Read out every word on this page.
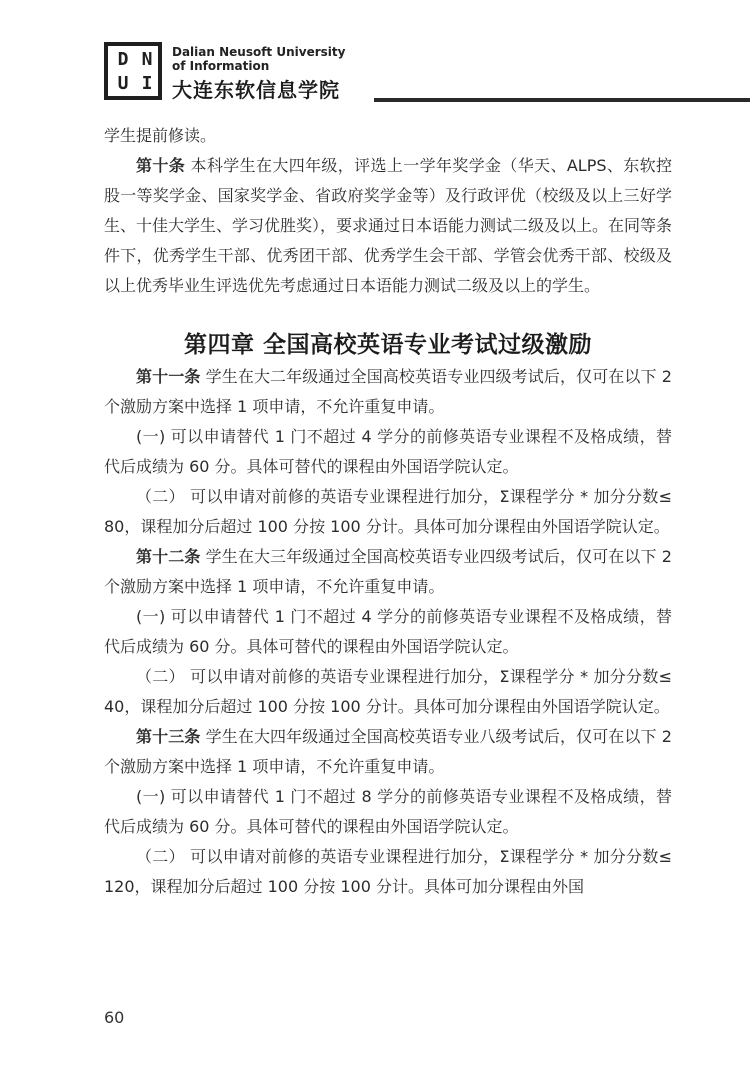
D N
U I
Dalian Neusoft University
of Information
大连东软信息学院

学生提前修读。

第十条 本科学生在大四年级，评选上一学年奖学金（华天、ALPS、东软控股一等奖学金、国家奖学金、省政府奖学金等）及行政评优（校级及以上三好学生、十佳大学生、学习优胜奖），要求通过日本语能力测试二级及以上。在同等条件下，优秀学生干部、优秀团干部、优秀学生会干部、学管会优秀干部、校级及以上优秀毕业生评选优先考虑通过日本语能力测试二级及以上的学生。

第四章 全国高校英语专业考试过级激励

第十一条 学生在大二年级通过全国高校英语专业四级考试后，仅可在以下 2 个激励方案中选择 1 项申请，不允许重复申请。

(一) 可以申请替代 1 门不超过 4 学分的前修英语专业课程不及格成绩，替代后成绩为 60 分。具体可替代的课程由外国语学院认定。

（二） 可以申请对前修的英语专业课程进行加分，Σ课程学分 * 加分分数≤ 80，课程加分后超过 100 分按 100 分计。具体可加分课程由外国语学院认定。

第十二条 学生在大三年级通过全国高校英语专业四级考试后，仅可在以下 2 个激励方案中选择 1 项申请，不允许重复申请。

(一) 可以申请替代 1 门不超过 4 学分的前修英语专业课程不及格成绩，替代后成绩为 60 分。具体可替代的课程由外国语学院认定。

（二） 可以申请对前修的英语专业课程进行加分，Σ课程学分 * 加分分数≤ 40，课程加分后超过 100 分按 100 分计。具体可加分课程由外国语学院认定。

第十三条 学生在大四年级通过全国高校英语专业八级考试后，仅可在以下 2 个激励方案中选择 1 项申请，不允许重复申请。

(一) 可以申请替代 1 门不超过 8 学分的前修英语专业课程不及格成绩，替代后成绩为 60 分。具体可替代的课程由外国语学院认定。

（二） 可以申请对前修的英语专业课程进行加分，Σ课程学分 * 加分分数≤ 120，课程加分后超过 100 分按 100 分计。具体可加分课程由外国

60
